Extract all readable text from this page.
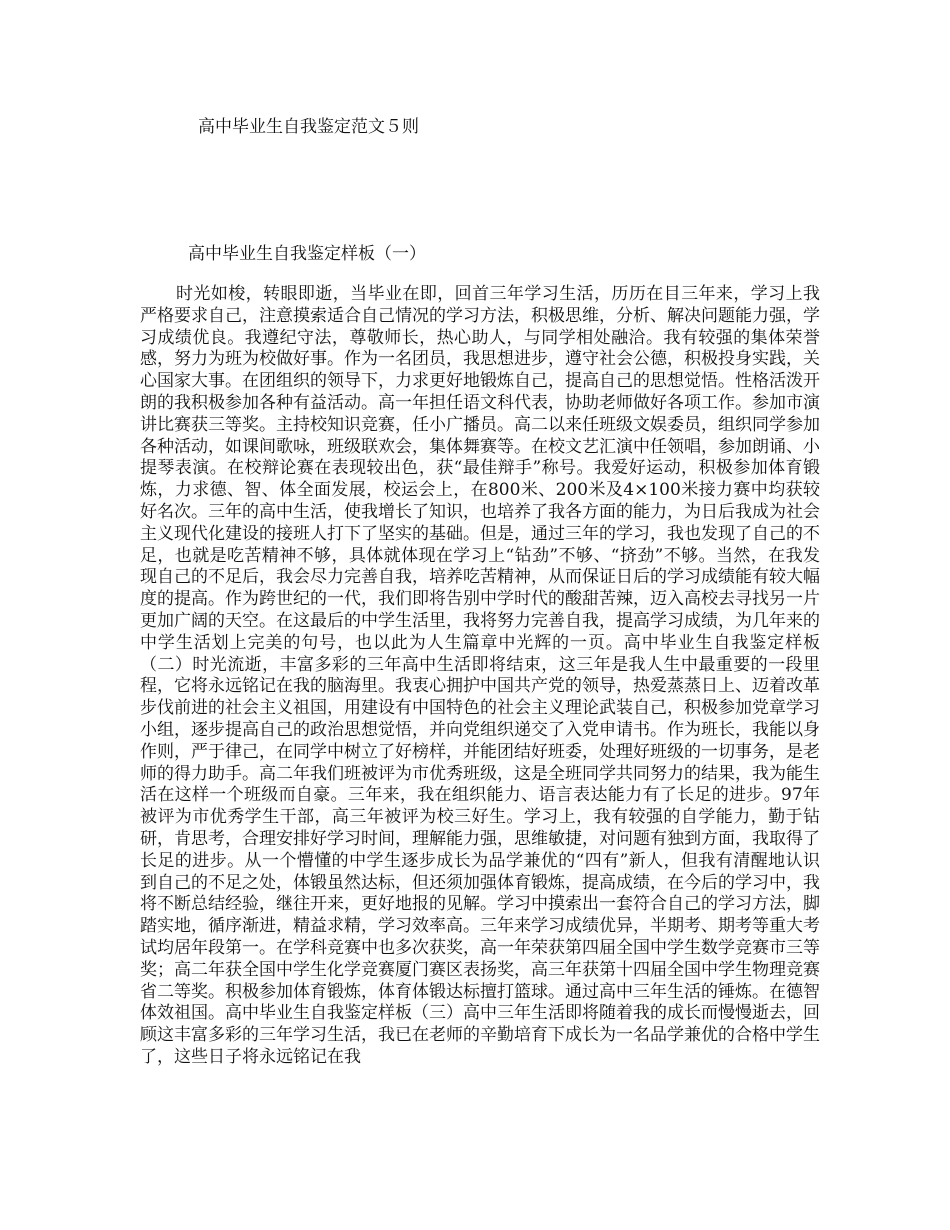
高中毕业生自我鉴定范文５则
高中毕业生自我鉴定样板（一）

时光如梭，转眼即逝，当毕业在即，回首三年学习生活，历历在目三年来，学习上我严格要求自己，注意摸索适合自己情况的学习方法，积极思维，分析、解决问题能力强，学习成绩优良。我遵纪守法，尊敬师长，热心助人，与同学相处融洽。我有较强的集体荣誉感，努力为班为校做好事。作为一名团员，我思想进步，遵守社会公德，积极投身实践，关心国家大事。在团组织的领导下，力求更好地锻炼自己，提高自己的思想觉悟。性格活泼开朗的我积极参加各种有益活动。高一年担任语文科代表，协助老师做好各项工作。参加市演讲比赛获三等奖。主持校知识竞赛，任小广播员。高二以来任班级文娱委员，组织同学参加各种活动，如课间歌咏，班级联欢会，集体舞赛等。在校文艺汇演中任领唱，参加朗诵、小提琴表演。在校辩论赛在表现较出色，获“最佳辩手”称号。我爱好运动，积极参加体育锻炼，力求德、智、体全面发展，校运会上，在800米、200米及4×100米接力赛中均获较好名次。三年的高中生活，使我增长了知识，也培养了我各方面的能力，为日后我成为社会主义现代化建设的接班人打下了坚实的基础。但是，通过三年的学习，我也发现了自己的不足，也就是吃苦精神不够，具体就体现在学习上“钻劲”不够、“挤劲”不够。当然，在我发现自己的不足后，我会尽力完善自我，培养吃苦精神，从而保证日后的学习成绩能有较大幅度的提高。作为跨世纪的一代，我们即将告别中学时代的酸甜苦辣，迈入高校去寻找另一片更加广阔的天空。在这最后的中学生活里，我将努力完善自我，提高学习成绩，为几年来的中学生活划上完美的句号，也以此为人生篇章中光辉的一页。高中毕业生自我鉴定样板（二）时光流逝，丰富多彩的三年高中生活即将结束，这三年是我人生中最重要的一段里程，它将永远铭记在我的脑海里。我衷心拥护中国共产党的领导，热爱蒸蒸日上、迈着改革步伐前进的社会主义祖国，用建设有中国特色的社会主义理论武装自己，积极参加党章学习小组，逐步提高自己的政治思想觉悟，并向党组织递交了入党申请书。作为班长，我能以身作则，严于律己，在同学中树立了好榜样，并能团结好班委，处理好班级的一切事务，是老师的得力助手。高二年我们班被评为市优秀班级，这是全班同学共同努力的结果，我为能生活在这样一个班级而自豪。三年来，我在组织能力、语言表达能力有了长足的进步。97年被评为市优秀学生干部，高三年被评为校三好生。学习上，我有较强的自学能力，勤于钻研，肯思考，合理安排好学习时间，理解能力强，思维敏捷，对问题有独到方面，我取得了长足的进步。从一个懵懂的中学生逐步成长为品学兼优的“四有”新人，但我有清醒地认识到自己的不足之处，体锻虽然达标，但还须加强体育锻炼，提高成绩，在今后的学习中，我将不断总结经验，继往开来，更好地报的见解。学习中摸索出一套符合自己的学习方法，脚踏实地，循序渐进，精益求精，学习效率高。三年来学习成绩优异，半期考、期考等重大考试均居年段第一。在学科竞赛中也多次获奖，高一年荣获第四届全国中学生数学竞赛市三等奖；高二年获全国中学生化学竞赛厦门赛区表扬奖，高三年获第十四届全国中学生物理竞赛省二等奖。积极参加体育锻炼，体育体锻达标擅打篮球。通过高中三年生活的锤炼。在德智体效祖国。高中毕业生自我鉴定样板（三）高中三年生活即将随着我的成长而慢慢逝去，回顾这丰富多彩的三年学习生活，我已在老师的辛勤培育下成长为一名品学兼优的合格中学生了，这些日子将永远铭记在我
